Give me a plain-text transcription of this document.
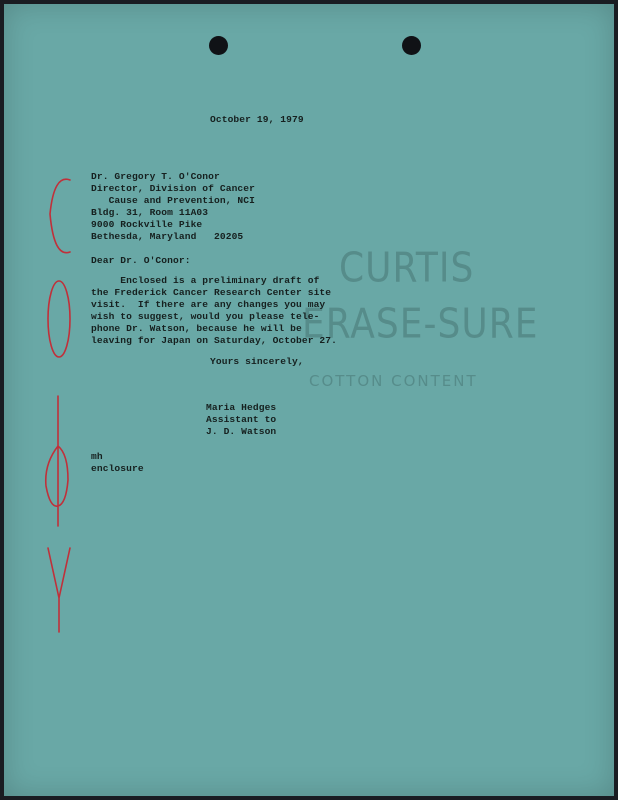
CURTIS
ERASE-SURE
COTTON CONTENT
October 19, 1979
Dr. Gregory T. O'Conor
Director, Division of Cancer
Cause and Prevention, NCI
Bldg. 31, Room 11A03
9000 Rockville Pike
Bethesda, Maryland   20205
Dear Dr. O'Conor:
Enclosed is a preliminary draft of
the Frederick Cancer Research Center site
visit.  If there are any changes you may
wish to suggest, would you please tele-
phone Dr. Watson, because he will be
leaving for Japan on Saturday, October 27.
Yours sincerely,
Maria Hedges
Assistant to
J. D. Watson
mh
enclosure
